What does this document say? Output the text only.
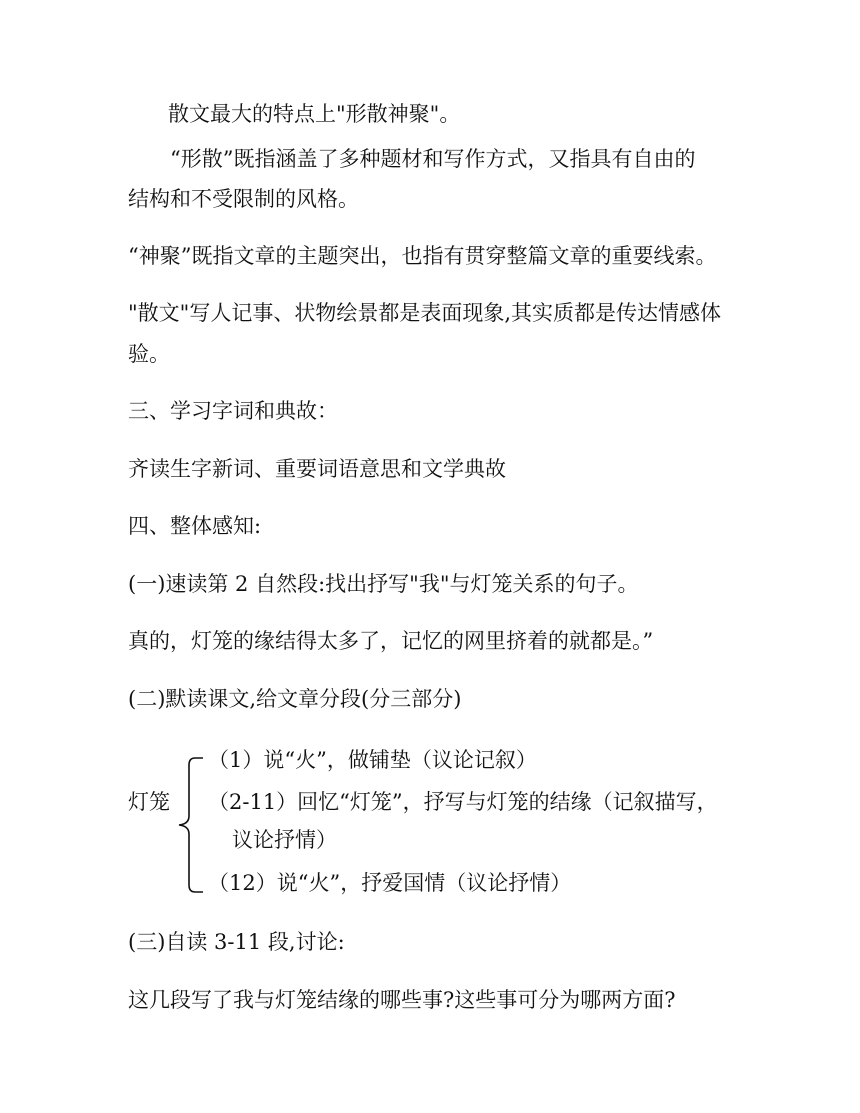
散文最大的特点上"形散神聚"。

“形散”既指涵盖了多种题材和写作方式，又指具有自由的

结构和不受限制的风格。

“神聚”既指文章的主题突出，也指有贯穿整篇文章的重要线索。

"散文"写人记事、状物绘景都是表面现象,其实质都是传达情感体

验。

三、学习字词和典故：

齐读生字新词、重要词语意思和文学典故

四、整体感知:

(一)速读第 2 自然段:找出抒写"我"与灯笼关系的句子。

真的，灯笼的缘结得太多了，记忆的网里挤着的就都是。”

(二)默读课文,给文章分段(分三部分)

灯笼

（1）说“火”，做铺垫（议论记叙）

（2-11）回忆“灯笼”，抒写与灯笼的结缘（记叙描写，

议论抒情）

（12）说“火”，抒爱国情（议论抒情）

(三)自读 3-11 段,讨论:

这几段写了我与灯笼结缘的哪些事?这些事可分为哪两方面?
